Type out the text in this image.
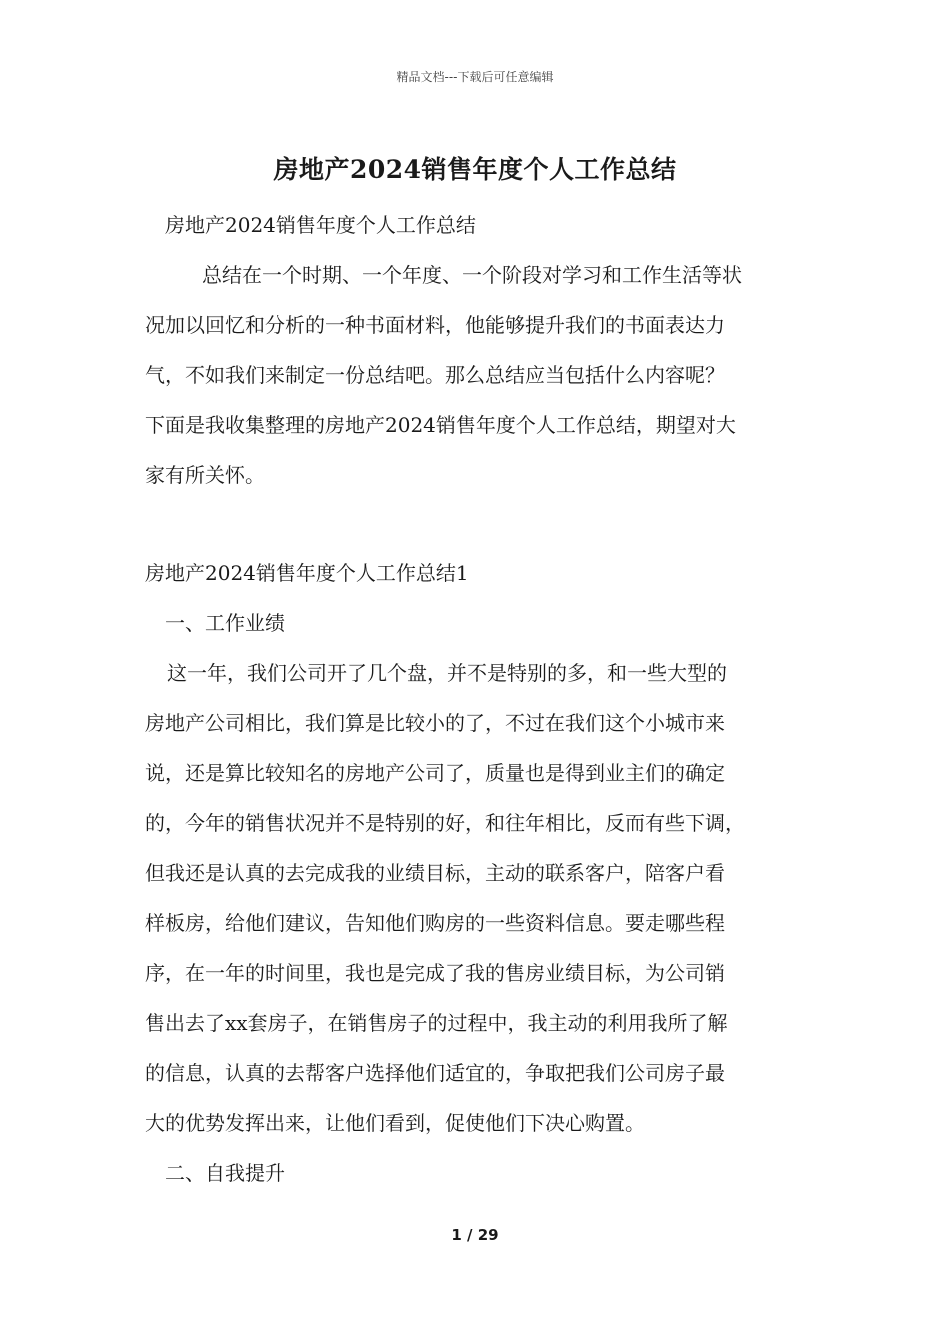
精品文档---下载后可任意编辑
房地产2024销售年度个人工作总结
房地产2024销售年度个人工作总结
总结在一个时期、一个年度、一个阶段对学习和工作生活等状
况加以回忆和分析的一种书面材料，他能够提升我们的书面表达力
气，不如我们来制定一份总结吧。那么总结应当包括什么内容呢？
下面是我收集整理的房地产2024销售年度个人工作总结，期望对大
家有所关怀。
房地产2024销售年度个人工作总结1
一、工作业绩
这一年，我们公司开了几个盘，并不是特别的多，和一些大型的
房地产公司相比，我们算是比较小的了，不过在我们这个小城市来
说，还是算比较知名的房地产公司了，质量也是得到业主们的确定
的，今年的销售状况并不是特别的好，和往年相比，反而有些下调，
但我还是认真的去完成我的业绩目标，主动的联系客户，陪客户看
样板房，给他们建议，告知他们购房的一些资料信息。要走哪些程
序，在一年的时间里，我也是完成了我的售房业绩目标，为公司销
售出去了xx套房子，在销售房子的过程中，我主动的利用我所了解
的信息，认真的去帮客户选择他们适宜的，争取把我们公司房子最
大的优势发挥出来，让他们看到，促使他们下决心购置。
二、自我提升
1 / 29
